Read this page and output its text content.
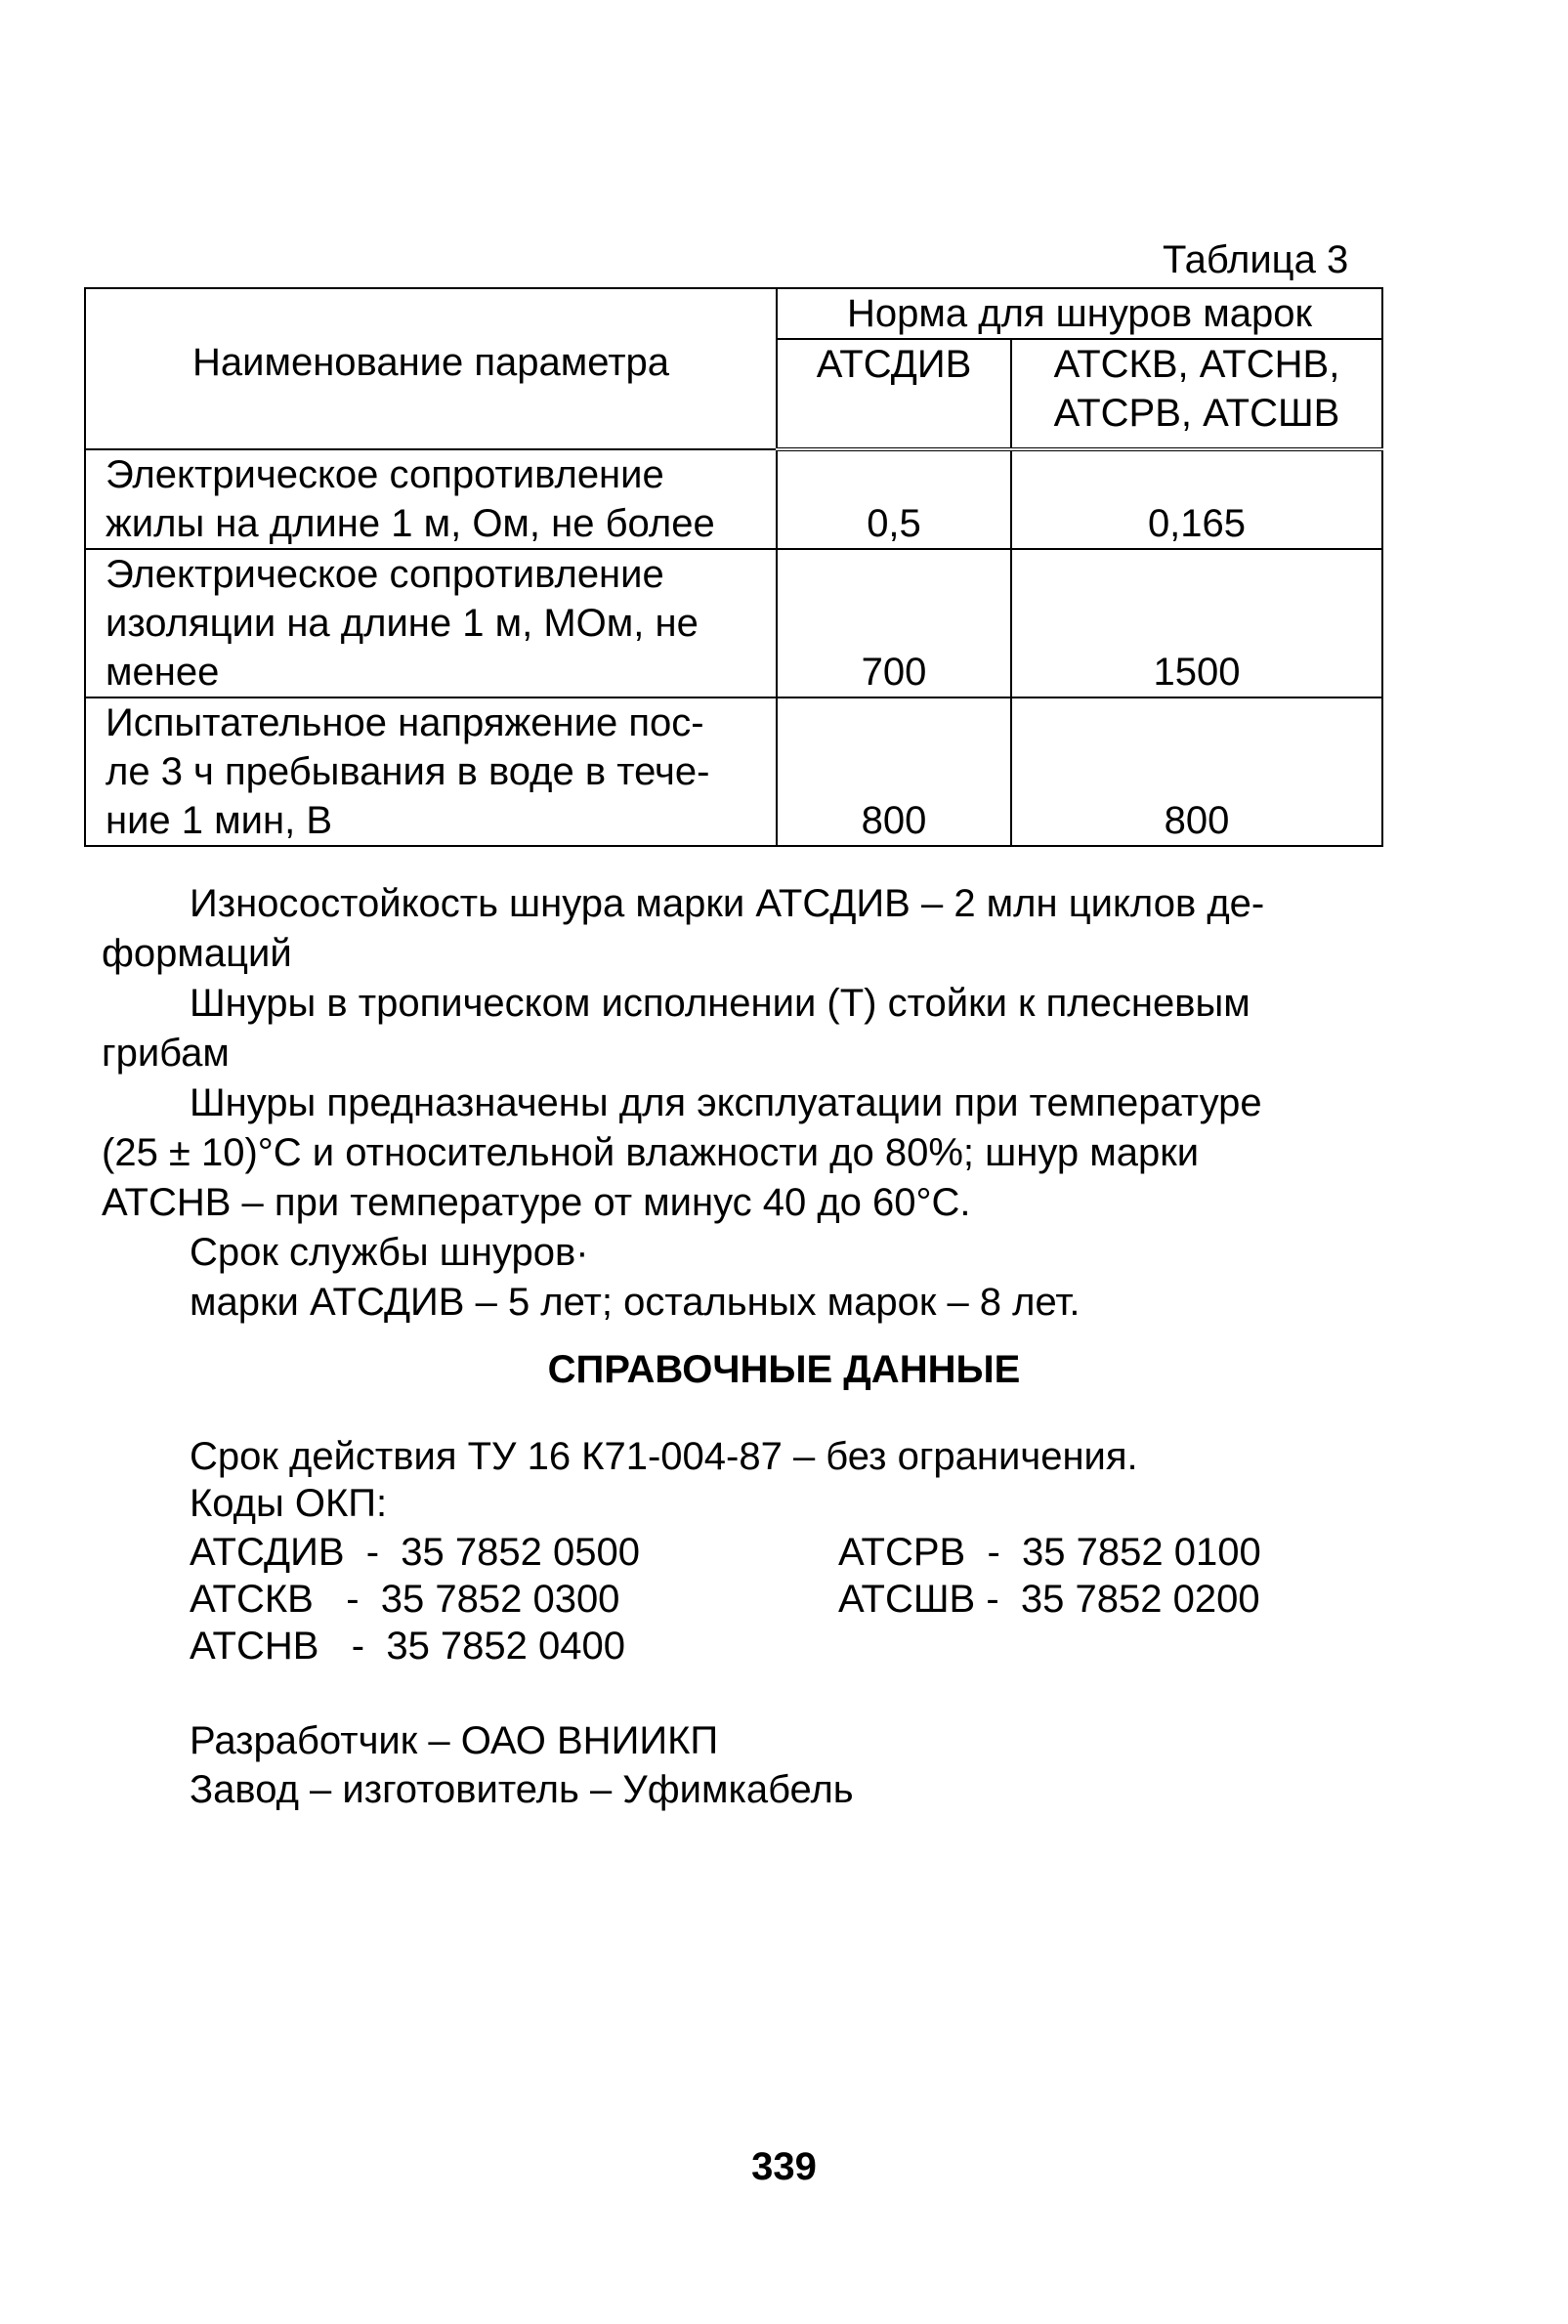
Таблица 3
Наименование параметра	Норма для шнуров марок	
	АТСДИВ	АТСКВ, АТСНВ,
АТСРВ, АТСШВ
Электрическое сопротивление
жилы на длине 1 м, Ом, не более	0,5	0,165
Электрическое сопротивление
изоляции на длине 1 м, МОм, не
менее	700	1500
Испытательное напряжение пос-
ле 3 ч пребывания в воде в тече-
ние 1 мин, В	800	800
Износостойкость шнура марки АТСДИВ – 2 млн циклов де-
формаций
Шнуры в тропическом исполнении (Т) стойки к плесневым
грибам
Шнуры предназначены для эксплуатации при температуре
(25 ± 10)°С и относительной влажности до 80%; шнур марки
АТСНВ – при температуре от минус 40 до 60°С.
Срок службы шнуров·
марки АТСДИВ – 5 лет; остальных марок – 8 лет.
СПРАВОЧНЫЕ ДАННЫЕ
Срок действия ТУ 16 К71-004-87 – без ограничения.
Коды ОКП:
АТСДИВ  -  35 7852 0500
АТСКВ   -  35 7852 0300
АТСНВ   -  35 7852 0400
АТСРВ  -  35 7852 0100
АТСШВ -  35 7852 0200
Разработчик – ОАО ВНИИКП
Завод – изготовитель – Уфимкабель
339
